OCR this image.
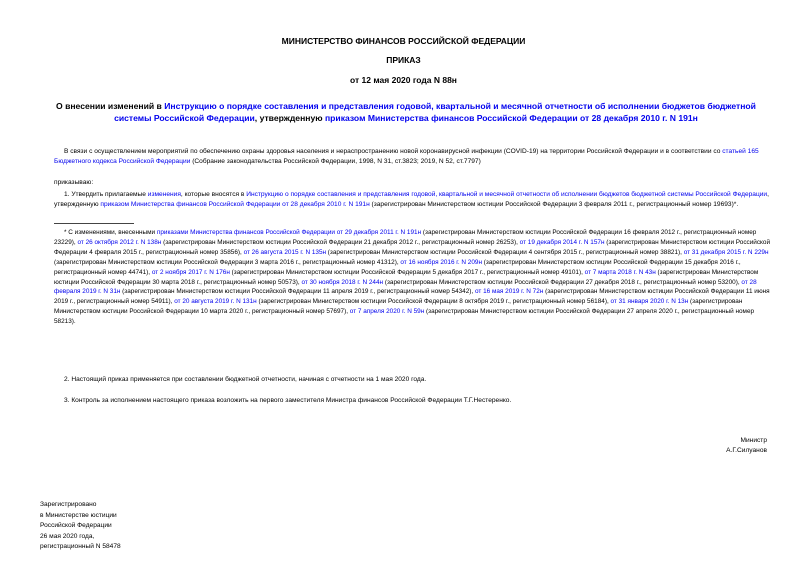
МИНИСТЕРСТВО ФИНАНСОВ РОССИЙСКОЙ ФЕДЕРАЦИИ
ПРИКАЗ
от 12 мая 2020 года N 88н
О внесении изменений в Инструкцию о порядке составления и представления годовой, квартальной и месячной отчетности об исполнении бюджетов бюджетной системы Российской Федерации, утвержденную приказом Министерства финансов Российской Федерации от 28 декабря 2010 г. N 191н
В связи с осуществлением мероприятий по обеспечению охраны здоровья населения и нераспространению новой коронавирусной инфекции (COVID-19) на территории Российской Федерации и в соответствии со статьей 165 Бюджетного кодекса Российской Федерации (Собрание законодательства Российской Федерации, 1998, N 31, ст.3823; 2019, N 52, ст.7797)
приказываю:
1. Утвердить прилагаемые изменения, которые вносятся в Инструкцию о порядке составления и представления годовой, квартальной и месячной отчетности об исполнении бюджетов бюджетной системы Российской Федерации, утвержденную приказом Министерства финансов Российской Федерации от 28 декабря 2010 г. N 191н (зарегистрирован Министерством юстиции Российской Федерации 3 февраля 2011 г., регистрационный номер 19693)*.
* С изменениями, внесенными приказами Министерства финансов Российской Федерации от 29 декабря 2011 г. N 191н (зарегистрирован Министерством юстиции Российской Федерации 16 февраля 2012 г., регистрационный номер 23229), от 26 октября 2012 г. N 138н (зарегистрирован Министерством юстиции Российской Федерации 21 декабря 2012 г., регистрационный номер 26253), от 19 декабря 2014 г. N 157н (зарегистрирован Министерством юстиции Российской Федерации 4 февраля 2015 г., регистрационный номер 35856), от 26 августа 2015 г. N 135н (зарегистрирован Министерством юстиции Российской Федерации 4 сентября 2015 г., регистрационный номер 38821), от 31 декабря 2015 г. N 229н (зарегистрирован Министерством юстиции Российской Федерации 3 марта 2016 г., регистрационный номер 41312), от 16 ноября 2016 г. N 209н (зарегистрирован Министерством юстиции Российской Федерации 15 декабря 2016 г., регистрационный номер 44741), от 2 ноября 2017 г. N 176н (зарегистрирован Министерством юстиции Российской Федерации 5 декабря 2017 г., регистрационный номер 49101), от 7 марта 2018 г. N 43н (зарегистрирован Министерством юстиции Российской Федерации 30 марта 2018 г., регистрационный номер 50573), от 30 ноября 2018 г. N 244н (зарегистрирован Министерством юстиции Российской Федерации 27 декабря 2018 г., регистрационный номер 53200), от 28 февраля 2019 г. N 31н (зарегистрирован Министерством юстиции Российской Федерации 11 апреля 2019 г., регистрационный номер 54342), от 16 мая 2019 г. N 72н (зарегистрирован Министерством юстиции Российской Федерации 11 июня 2019 г., регистрационный номер 54911), от 20 августа 2019 г. N 131н (зарегистрирован Министерством юстиции Российской Федерации 8 октября 2019 г., регистрационный номер 56184), от 31 января 2020 г. N 13н (зарегистрирован Министерством юстиции Российской Федерации 10 марта 2020 г., регистрационный номер 57697), от 7 апреля 2020 г. N 59н (зарегистрирован Министерством юстиции Российской Федерации 27 апреля 2020 г., регистрационный номер 58213).
2. Настоящий приказ применяется при составлении бюджетной отчетности, начиная с отчетности на 1 мая 2020 года.
3. Контроль за исполнением настоящего приказа возложить на первого заместителя Министра финансов Российской Федерации Т.Г.Нестеренко.
Министр
А.Г.Силуанов
Зарегистрировано
в Министерстве юстиции
Российской Федерации
26 мая 2020 года,
регистрационный N 58478
